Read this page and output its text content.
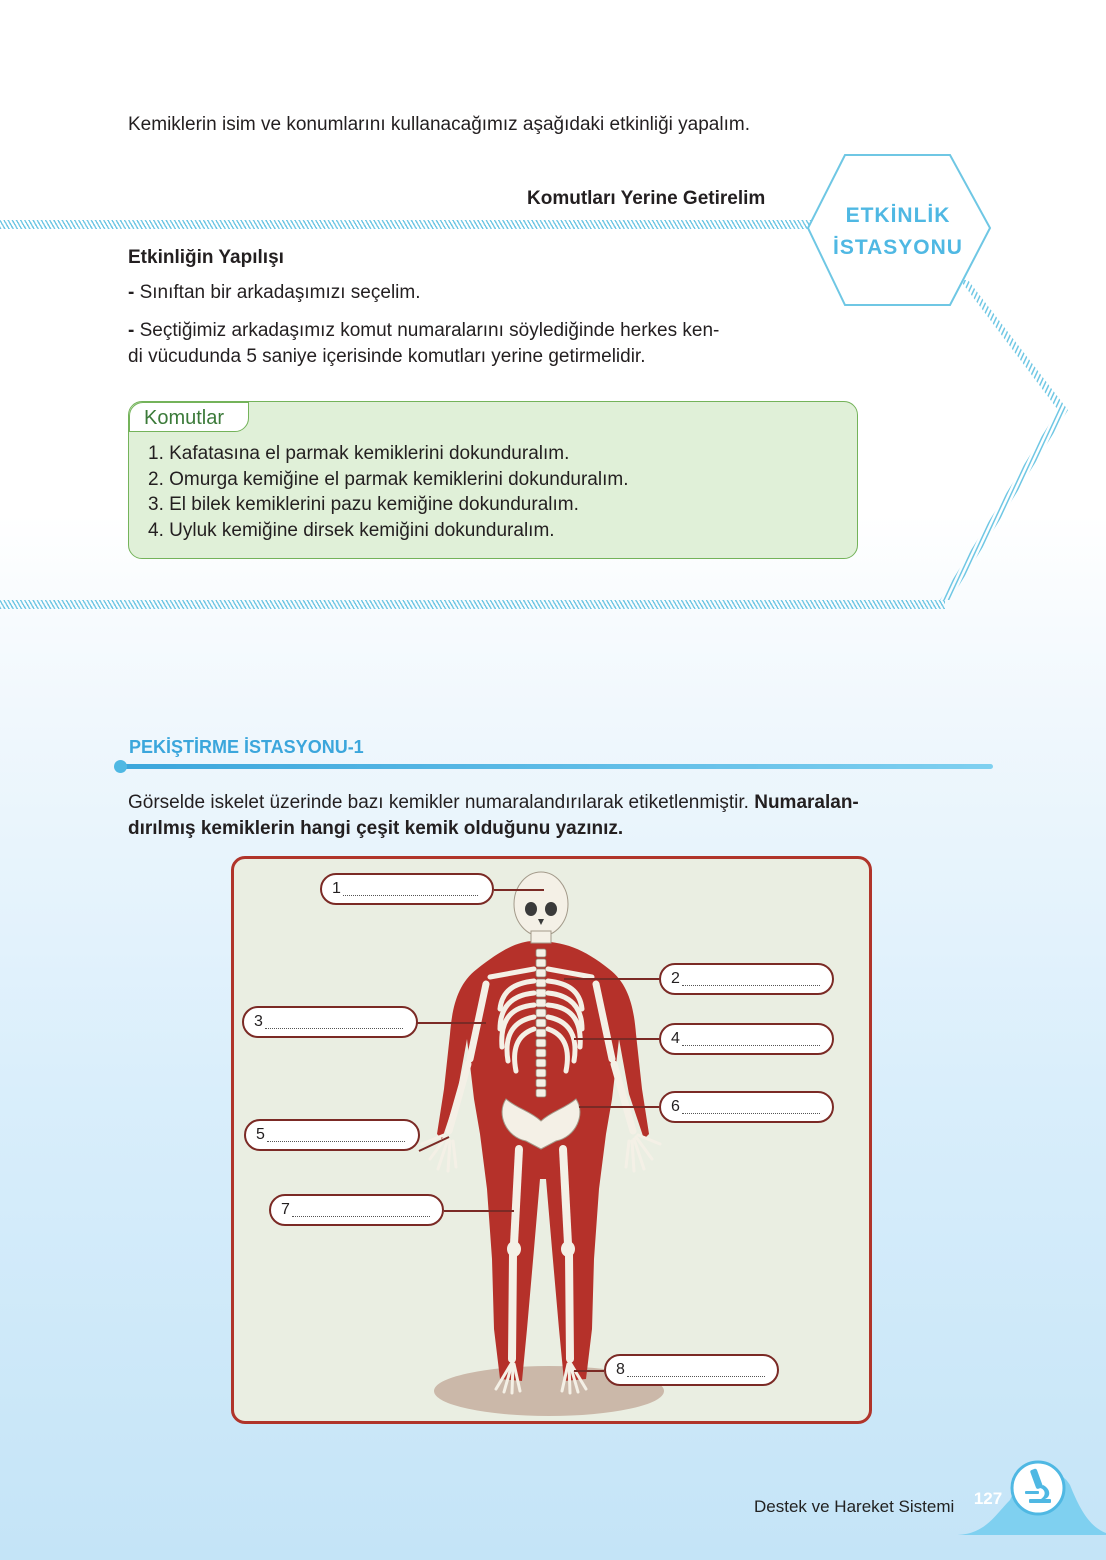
Kemiklerin isim ve konumlarını kullanacağımız aşağıdaki etkinliği yapalım.

Komutları Yerine Getirelim

ETKİNLİK
İSTASYONU

Etkinliğin Yapılışı

- Sınıftan bir arkadaşımızı seçelim.

- Seçtiğimiz arkadaşımız komut numaralarını söylediğinde herkes ken-

di vücudunda 5 saniye içerisinde komutları yerine getirmelidir.

Komutlar
1. Kafatasına el parmak kemiklerini dokunduralım.
2. Omurga kemiğine el parmak kemiklerini dokunduralım.
3. El bilek kemiklerini pazu kemiğine dokunduralım.
4. Uyluk kemiğine dirsek kemiğini dokunduralım.

PEKİŞTİRME İSTASYONU-1

Görselde iskelet üzerinde bazı kemikler numaralandırılarak etiketlenmiştir. Numaralan-

dırılmış kemiklerin hangi çeşit kemik olduğunu yazınız.

1
2
3
4
6
5
7
8
Destek ve Hareket Sistemi	127
